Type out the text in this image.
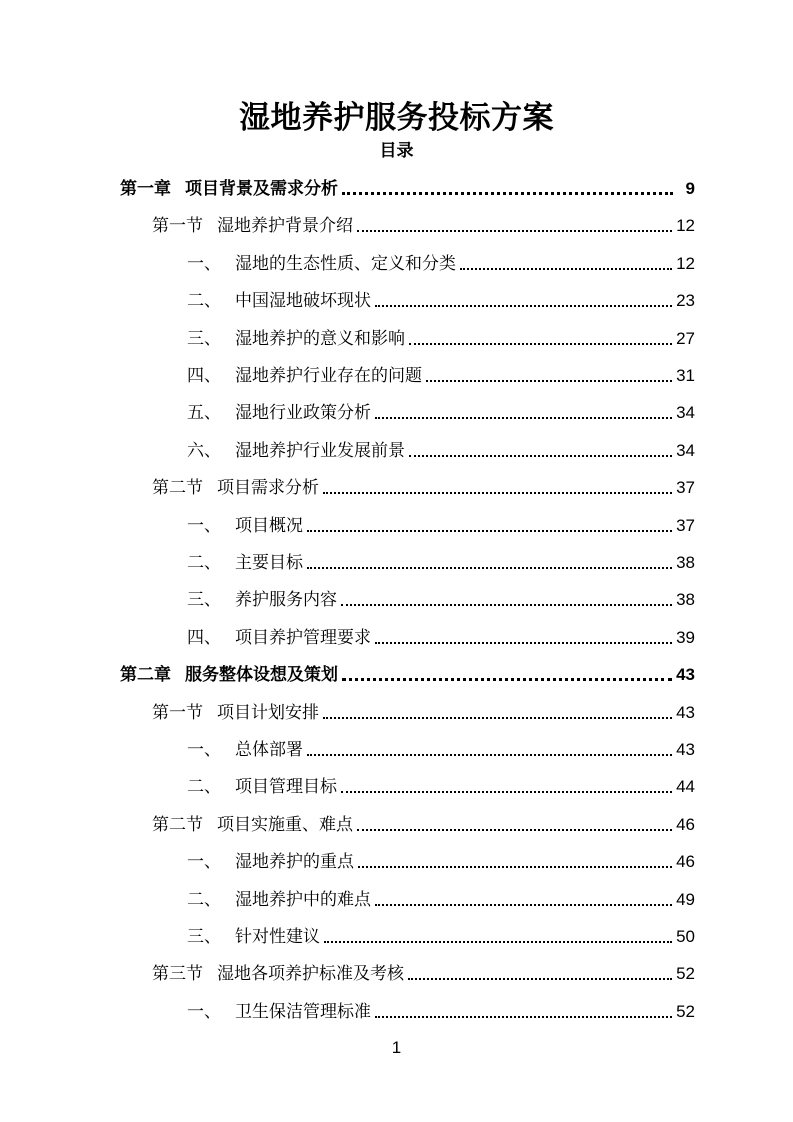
湿地养护服务投标方案
目录
第一章 项目背景及需求分析	9
第一节 湿地养护背景介绍	12
一、 湿地的生态性质、定义和分类	12
二、 中国湿地破坏现状	23
三、 湿地养护的意义和影响	27
四、 湿地养护行业存在的问题	31
五、 湿地行业政策分析	34
六、 湿地养护行业发展前景	34
第二节 项目需求分析	37
一、 项目概况	37
二、 主要目标	38
三、 养护服务内容	38
四、 项目养护管理要求	39
第二章 服务整体设想及策划	43
第一节 项目计划安排	43
一、 总体部署	43
二、 项目管理目标	44
第二节 项目实施重、难点	46
一、 湿地养护的重点	46
二、 湿地养护中的难点	49
三、 针对性建议	50
第三节 湿地各项养护标准及考核	52
一、 卫生保洁管理标准	52
1
